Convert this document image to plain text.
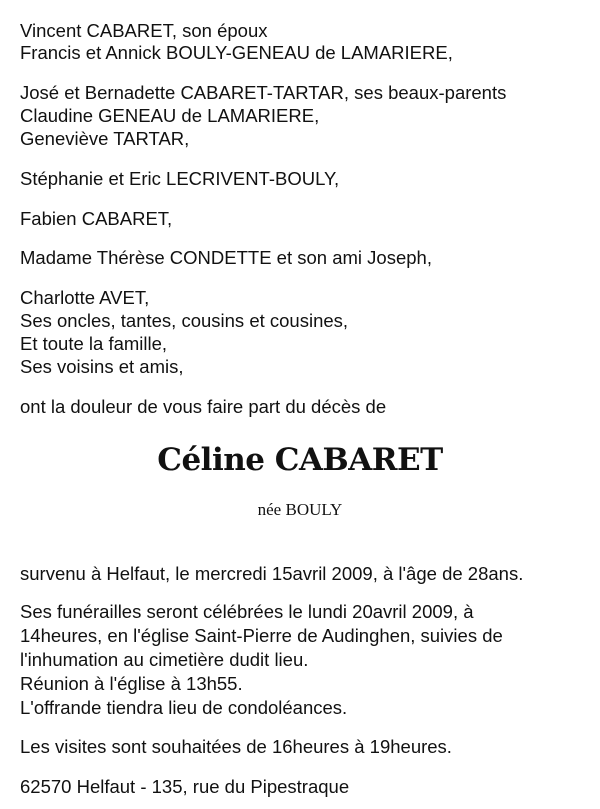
Vincent CABARET, son époux

Francis et Annick BOULY-GENEAU de LAMARIERE,

José et Bernadette CABARET-TARTAR, ses beaux-parents

Claudine GENEAU de LAMARIERE,

Geneviève TARTAR,

Stéphanie et Eric LECRIVENT-BOULY,

Fabien CABARET,

Madame Thérèse CONDETTE et son ami Joseph,

Charlotte AVET,

Ses oncles, tantes, cousins et cousines,

Et toute la famille,

Ses voisins et amis,

ont la douleur de vous faire part du décès de

Céline CABARET

née BOULY

survenu à Helfaut, le mercredi 15avril 2009, à l'âge de 28ans.

Ses funérailles seront célébrées le lundi 20avril 2009, à

14heures, en l'église Saint-Pierre de Audinghen, suivies de

l'inhumation au cimetière dudit lieu.

Réunion à l'église à 13h55.

L'offrande tiendra lieu de condoléances.

Les visites sont souhaitées de 16heures à 19heures.

62570 Helfaut - 135, rue du Pipestraque
